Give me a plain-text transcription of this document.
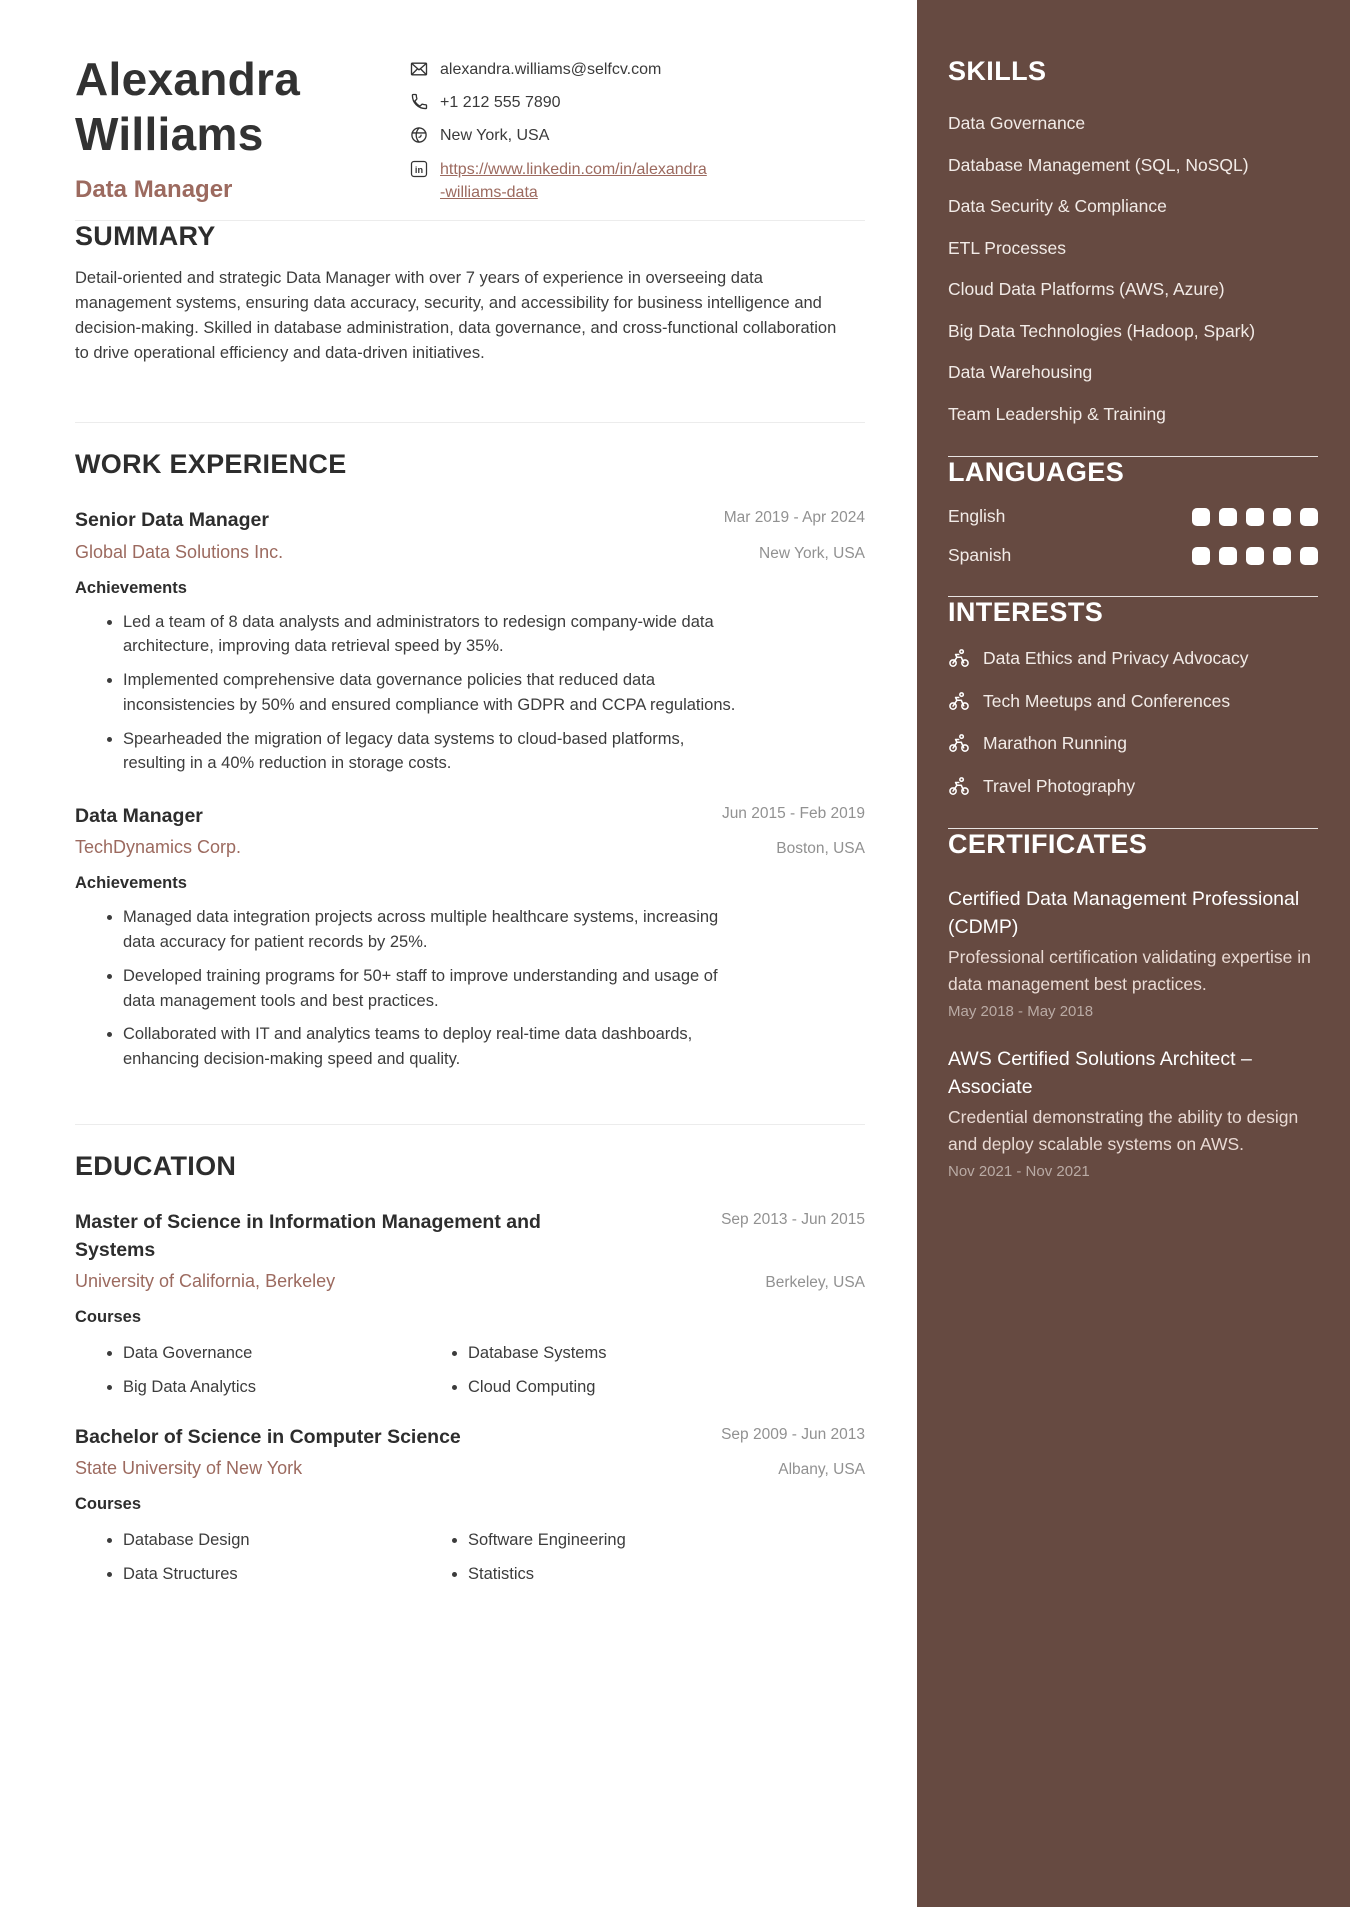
Alexandra Williams
Data Manager
alexandra.williams@selfcv.com
+1 212 555 7890
New York, USA
in https://www.linkedin.com/in/alexandra-williams-data
SUMMARY

Detail-oriented and strategic Data Manager with over 7 years of experience in overseeing data management systems, ensuring data accuracy, security, and accessibility for business intelligence and decision-making. Skilled in database administration, data governance, and cross-functional collaboration to drive operational efficiency and data-driven initiatives.

WORK EXPERIENCE
Senior Data Manager	Mar 2019 - Apr 2024
Global Data Solutions Inc.	New York, USA
Achievements
Led a team of 8 data analysts and administrators to redesign company-wide data architecture, improving data retrieval speed by 35%.
Implemented comprehensive data governance policies that reduced data inconsistencies by 50% and ensured compliance with GDPR and CCPA regulations.
Spearheaded the migration of legacy data systems to cloud-based platforms, resulting in a 40% reduction in storage costs.
Data Manager	Jun 2015 - Feb 2019
TechDynamics Corp.	Boston, USA
Achievements
Managed data integration projects across multiple healthcare systems, increasing data accuracy for patient records by 25%.
Developed training programs for 50+ staff to improve understanding and usage of data management tools and best practices.
Collaborated with IT and analytics teams to deploy real-time data dashboards, enhancing decision-making speed and quality.
EDUCATION
Master of Science in Information Management and Systems
Sep 2013 - Jun 2015
University of California, Berkeley	Berkeley, USA
Courses
Data Governance
Big Data Analytics
Database Systems
Cloud Computing
Bachelor of Science in Computer Science	Sep 2009 - Jun 2013
State University of New York	Albany, USA
Courses
Database Design
Data Structures
Software Engineering
Statistics
SKILLS
Data Governance
Database Management (SQL, NoSQL)
Data Security & Compliance
ETL Processes
Cloud Data Platforms (AWS, Azure)
Big Data Technologies (Hadoop, Spark)
Data Warehousing
Team Leadership & Training
LANGUAGES
English
Spanish
INTERESTS
Data Ethics and Privacy Advocacy
Tech Meetups and Conferences
Marathon Running
Travel Photography
CERTIFICATES
Certified Data Management Professional (CDMP)
Professional certification validating expertise in data management best practices.
May 2018 - May 2018
AWS Certified Solutions Architect – Associate
Credential demonstrating the ability to design and deploy scalable systems on AWS.
Nov 2021 - Nov 2021
